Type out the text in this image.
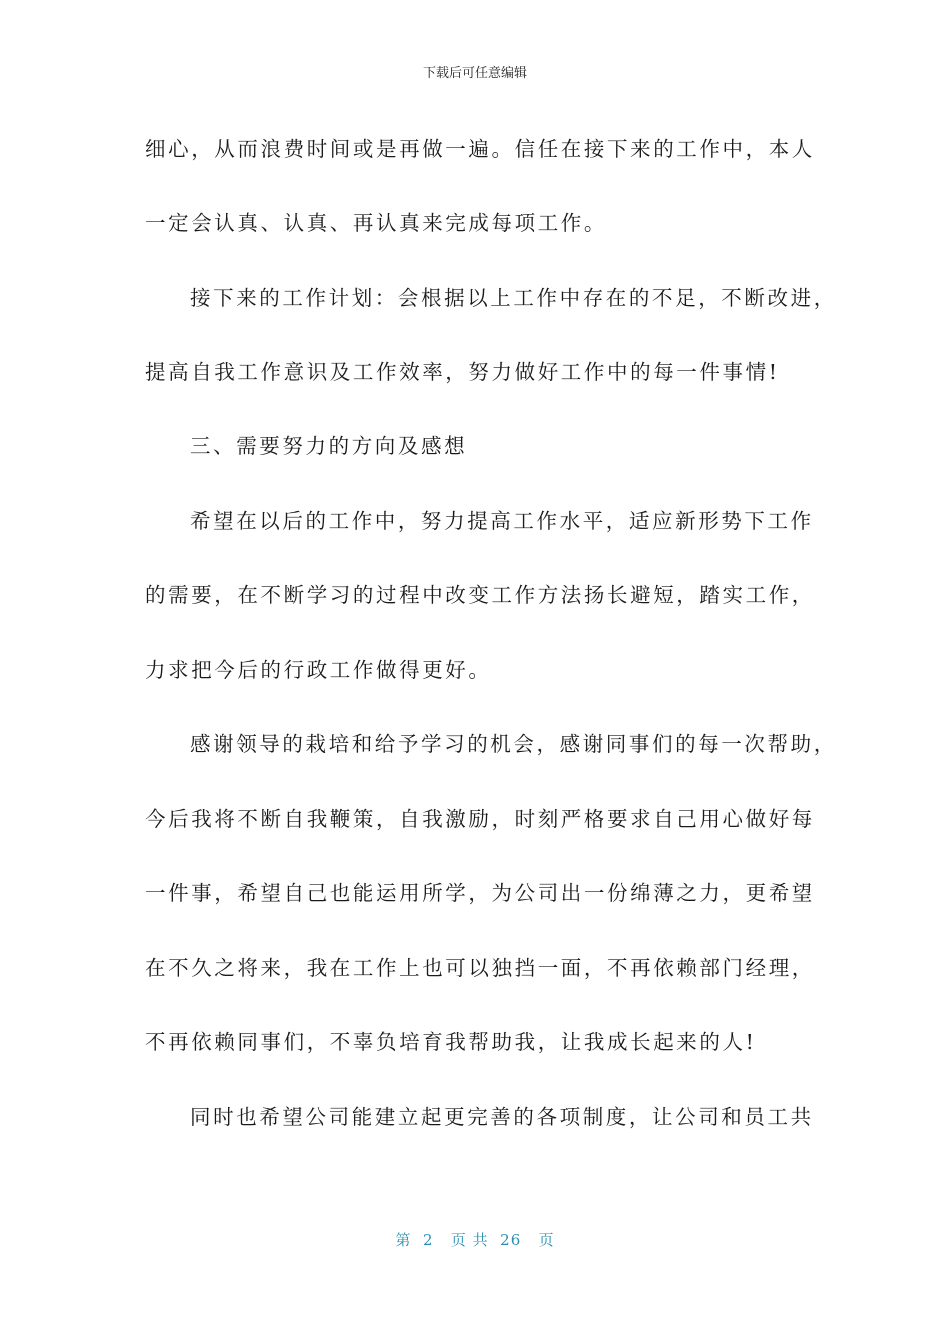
下载后可任意编辑
细心，从而浪费时间或是再做一遍。信任在接下来的工作中，本人
一定会认真、认真、再认真来完成每项工作。
接下来的工作计划：会根据以上工作中存在的不足，不断改进，
提高自我工作意识及工作效率，努力做好工作中的每一件事情!
三、需要努力的方向及感想
希望在以后的工作中，努力提高工作水平，适应新形势下工作
的需要，在不断学习的过程中改变工作方法扬长避短，踏实工作，
力求把今后的行政工作做得更好。
感谢领导的栽培和给予学习的机会，感谢同事们的每一次帮助，
今后我将不断自我鞭策，自我激励，时刻严格要求自己用心做好每
一件事，希望自己也能运用所学，为公司出一份绵薄之力，更希望
在不久之将来，我在工作上也可以独挡一面，不再依赖部门经理，
不再依赖同事们，不辜负培育我帮助我，让我成长起来的人!
同时也希望公司能建立起更完善的各项制度，让公司和员工共
第 2 页 共 26 页
